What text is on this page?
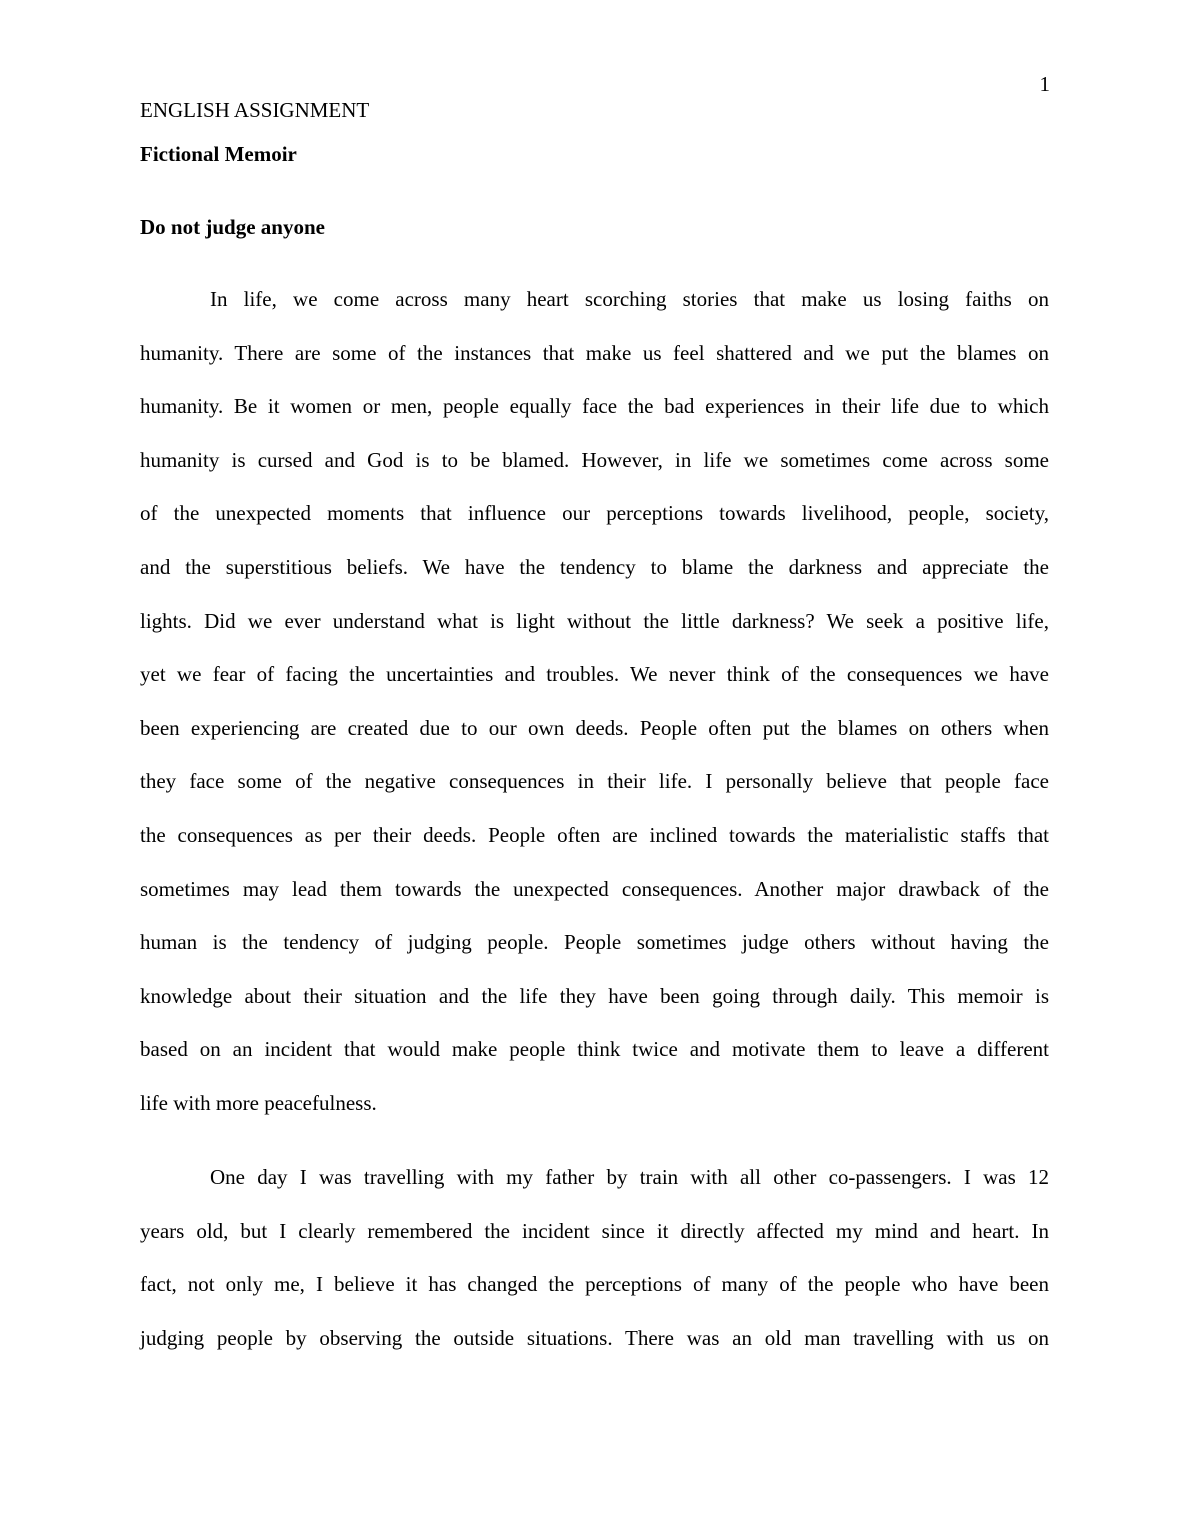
1

ENGLISH ASSIGNMENT

Fictional Memoir

Do not judge anyone

In life, we come across many heart scorching stories that make us losing faiths on
humanity. There are some of the instances that make us feel shattered and we put the blames on
humanity. Be it women or men, people equally face the bad experiences in their life due to which
humanity is cursed and God is to be blamed. However, in life we sometimes come across some
of the unexpected moments that influence our perceptions towards livelihood, people, society,
and the superstitious beliefs. We have the tendency to blame the darkness and appreciate the
lights. Did we ever understand what is light without the little darkness? We seek a positive life,
yet we fear of facing the uncertainties and troubles. We never think of the consequences we have
been experiencing are created due to our own deeds. People often put the blames on others when
they face some of the negative consequences in their life. I personally believe that people face
the consequences as per their deeds. People often are inclined towards the materialistic staffs that
sometimes may lead them towards the unexpected consequences. Another major drawback of the
human is the tendency of judging people. People sometimes judge others without having the
knowledge about their situation and the life they have been going through daily. This memoir is
based on an incident that would make people think twice and motivate them to leave a different
life with more peacefulness.
One day I was travelling with my father by train with all other co-passengers. I was 12
years old, but I clearly remembered the incident since it directly affected my mind and heart. In
fact, not only me, I believe it has changed the perceptions of many of the people who have been
judging people by observing the outside situations. There was an old man travelling with us on
